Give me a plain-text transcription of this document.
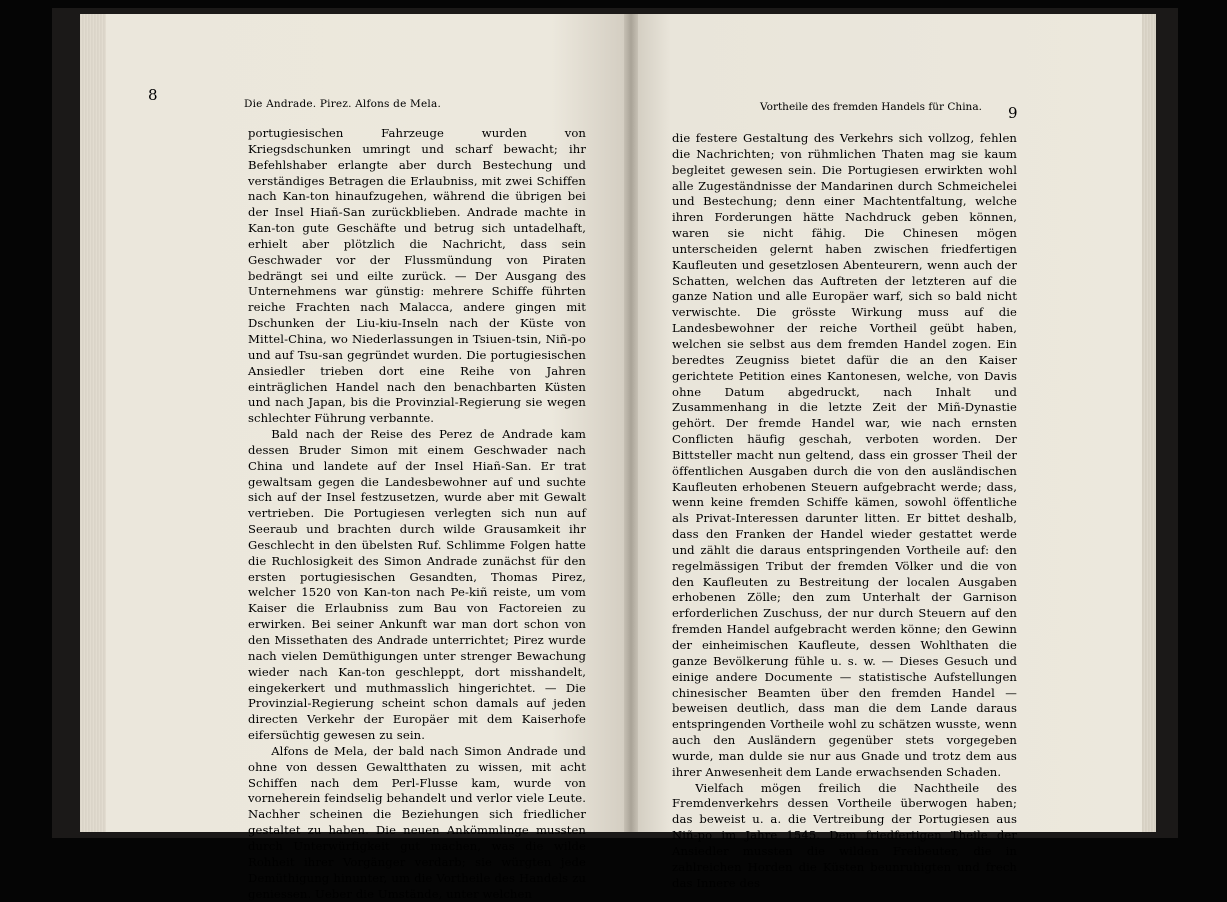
8	Die Andrade. Pirez. Alfons de Mela.

portugiesischen Fahrzeuge wurden von Kriegsdschunken umringt und scharf bewacht; ihr Befehlshaber erlangte aber durch Bestechung und verständiges Betragen die Erlaubniss, mit zwei Schiffen nach Kan-ton hinaufzugehen, während die übrigen bei der Insel Hiañ-San zurückblieben. Andrade machte in Kan-ton gute Geschäfte und betrug sich untadelhaft, erhielt aber plötzlich die Nachricht, dass sein Geschwader vor der Flussmündung von Piraten bedrängt sei und eilte zurück. — Der Ausgang des Unternehmens war günstig: mehrere Schiffe führten reiche Frachten nach Malacca, andere gingen mit Dschunken der Liu-kiu-Inseln nach der Küste von Mittel-China, wo Niederlassungen in Tsiuen-tsin, Niñ-po und auf Tsu-san gegründet wurden. Die portugiesischen Ansiedler trieben dort eine Reihe von Jahren einträglichen Handel nach den benachbarten Küsten und nach Japan, bis die Provinzial-Regierung sie wegen schlechter Führung verbannte.

Bald nach der Reise des Perez de Andrade kam dessen Bruder Simon mit einem Geschwader nach China und landete auf der Insel Hiañ-San. Er trat gewaltsam gegen die Landesbewohner auf und suchte sich auf der Insel festzusetzen, wurde aber mit Gewalt vertrieben. Die Portugiesen verlegten sich nun auf Seeraub und brachten durch wilde Grausamkeit ihr Geschlecht in den übelsten Ruf. Schlimme Folgen hatte die Ruchlosigkeit des Simon Andrade zunächst für den ersten portugiesischen Gesandten, Thomas Pirez, welcher 1520 von Kan-ton nach Pe-kiñ reiste, um vom Kaiser die Erlaubniss zum Bau von Factoreien zu erwirken. Bei seiner Ankunft war man dort schon von den Missethaten des Andrade unterrichtet; Pirez wurde nach vielen Demüthigungen unter strenger Bewachung wieder nach Kan-ton geschleppt, dort misshandelt, eingekerkert und muthmasslich hingerichtet. — Die Provinzial-Regierung scheint schon damals auf jeden directen Verkehr der Europäer mit dem Kaiserhofe eifersüchtig gewesen zu sein.

Alfons de Mela, der bald nach Simon Andrade und ohne von dessen Gewaltthaten zu wissen, mit acht Schiffen nach dem Perl-Flusse kam, wurde von vorneherein feindselig behandelt und verlor viele Leute. Nachher scheinen die Beziehungen sich friedlicher gestaltet zu haben. Die neuen Ankömmlinge mussten durch Unterwürfigkeit gut machen, was die wilde Rohheit ihrer Vorgänger verdarb; sie würgten jede Demüthigung hinunter, um die Vortheile des Handels zu geniessen. Ueber die Umstände, unter welchen

Vortheile des fremden Handels für China. 9

die festere Gestaltung des Verkehrs sich vollzog, fehlen die Nachrichten; von rühmlichen Thaten mag sie kaum begleitet gewesen sein. Die Portugiesen erwirkten wohl alle Zugeständnisse der Mandarinen durch Schmeichelei und Bestechung; denn einer Machtentfaltung, welche ihren Forderungen hätte Nachdruck geben können, waren sie nicht fähig. Die Chinesen mögen unterscheiden gelernt haben zwischen friedfertigen Kaufleuten und gesetzlosen Abenteurern, wenn auch der Schatten, welchen das Auftreten der letzteren auf die ganze Nation und alle Europäer warf, sich so bald nicht verwischte. Die grösste Wirkung muss auf die Landesbewohner der reiche Vortheil geübt haben, welchen sie selbst aus dem fremden Handel zogen. Ein beredtes Zeugniss bietet dafür die an den Kaiser gerichtete Petition eines Kantonesen, welche, von Davis ohne Datum abgedruckt, nach Inhalt und Zusammenhang in die letzte Zeit der Miñ-Dynastie gehört. Der fremde Handel war, wie nach ernsten Conflicten häufig geschah, verboten worden. Der Bittsteller macht nun geltend, dass ein grosser Theil der öffentlichen Ausgaben durch die von den ausländischen Kaufleuten erhobenen Steuern aufgebracht werde; dass, wenn keine fremden Schiffe kämen, sowohl öffentliche als Privat-Interessen darunter litten. Er bittet deshalb, dass den Franken der Handel wieder gestattet werde und zählt die daraus entspringenden Vortheile auf: den regelmässigen Tribut der fremden Völker und die von den Kaufleuten zu Bestreitung der localen Ausgaben erhobenen Zölle; den zum Unterhalt der Garnison erforderlichen Zuschuss, der nur durch Steuern auf den fremden Handel aufgebracht werden könne; den Gewinn der einheimischen Kaufleute, dessen Wohlthaten die ganze Bevölkerung fühle u. s. w. — Dieses Gesuch und einige andere Documente — statistische Aufstellungen chinesischer Beamten über den fremden Handel — beweisen deutlich, dass man die dem Lande daraus entspringenden Vortheile wohl zu schätzen wusste, wenn auch den Ausländern gegenüber stets vorgegeben wurde, man dulde sie nur aus Gnade und trotz dem aus ihrer Anwesenheit dem Lande erwachsenden Schaden.

Vielfach mögen freilich die Nachtheile des Fremdenverkehrs dessen Vortheile überwogen haben; das beweist u. a. die Vertreibung der Portugiesen aus Niñ-po im Jahre 1545. Dem friedfertigen Theile der Ansiedler mussten die wilden Freibeuter, die in zahlreichen Horden die Küsten beunruhigten und frech das Innere des
